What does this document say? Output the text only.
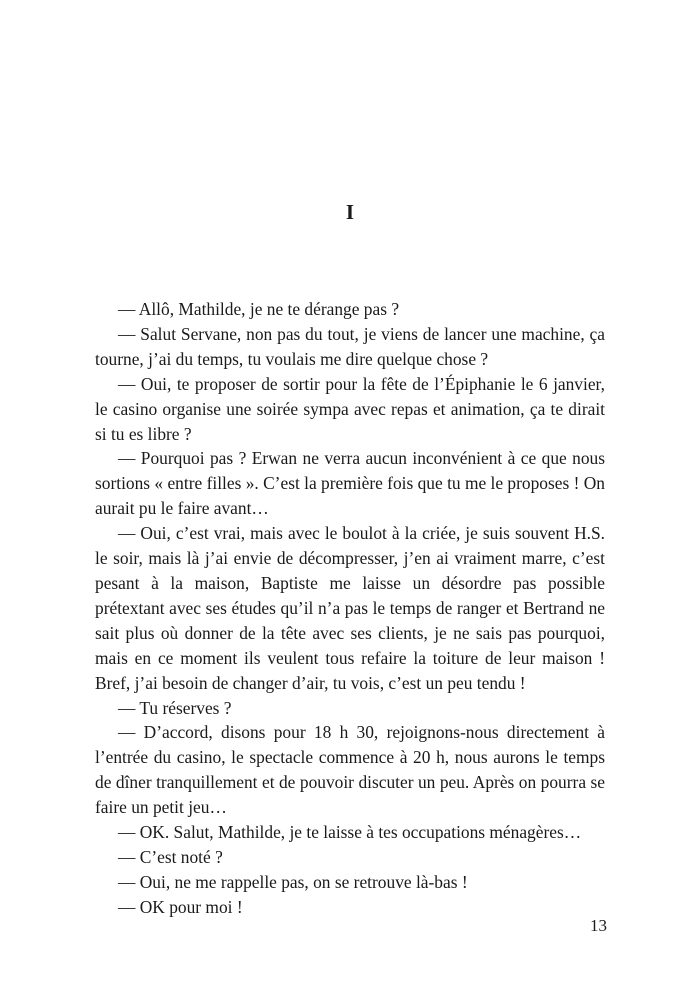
I

— Allô, Mathilde, je ne te dérange pas ?

— Salut Servane, non pas du tout, je viens de lancer une machine, ça tourne, j’ai du temps, tu voulais me dire quelque chose ?

— Oui, te proposer de sortir pour la fête de l’Épiphanie le 6 janvier, le casino organise une soirée sympa avec repas et animation, ça te dirait si tu es libre ?

— Pourquoi pas ? Erwan ne verra aucun inconvénient à ce que nous sortions « entre filles ». C’est la première fois que tu me le proposes ! On aurait pu le faire avant…

— Oui, c’est vrai, mais avec le boulot à la criée, je suis souvent H.S. le soir, mais là j’ai envie de décompresser, j’en ai vraiment marre, c’est pesant à la maison, Baptiste me laisse un désordre pas possible prétextant avec ses études qu’il n’a pas le temps de ranger et Bertrand ne sait plus où donner de la tête avec ses clients, je ne sais pas pourquoi, mais en ce moment ils veulent tous refaire la toiture de leur maison ! Bref, j’ai besoin de changer d’air, tu vois, c’est un peu tendu !

— Tu réserves ?

— D’accord, disons pour 18 h 30, rejoignons-nous directement à l’entrée du casino, le spectacle commence à 20 h, nous aurons le temps de dîner tranquillement et de pouvoir discuter un peu. Après on pourra se faire un petit jeu…

— OK. Salut, Mathilde, je te laisse à tes occupations ménagères…

— C’est noté ?

— Oui, ne me rappelle pas, on se retrouve là-bas !

— OK pour moi !

13
